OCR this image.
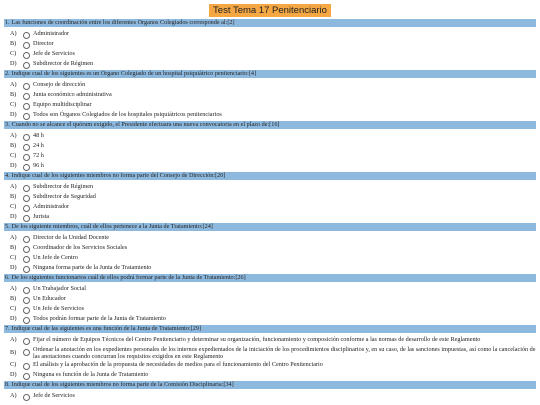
Test Tema 17 Penitenciario
1. Las funciones de coordinación entre los diferentes Órganos Colegiados corresponde al:[2]
A)	Administrador
B)	Director
C)	Jefe de Servicios
D)	Subdirector de Régimen
2. Indique cual de los siguientes es un Órgano Colegiado de un hospital psiquiátrico penitenciario:[4]
A)	Consejo de dirección
B)	Junta económico administrativa
C)	Equipo multidisciplinar
D)	Todos son Órganos Colegiados de los hospitales psiquiátricos penitenciarios
3. Cuando no se alcance el quórum exigido, el Presidente efectuara una nueva convocatoria en el plazo de:[16]
A)	48 h
B)	24 h
C)	72 h
D)	96 h
4. Indique cual de los siguientes miembros no forma parte del Consejo de Dirección:[20]
A)	Subdirector de Régimen
B)	Subdirector de Seguridad
C)	Administrador
D)	Jurista
5. De los siguiente miembros, cuál de ellos pertenece a la Junta de Tratamiento:[24]
A)	Director de la Unidad Docente
B)	Coordinador de los Servicios Sociales
C)	Un Jefe de Centro
D)	Ninguna forma parte de la Junta de Tratamiento
6. De los siguientes funcionarios cuál de ellos podrá formar parte de la Junta de Tratamiento:[26]
A)	Un Trabajador Social
B)	Un Educador
C)	Un Jefe de Servicios
D)	Todos podrán formar parte de la Junta de Tratamiento
7. Indique cual de las siguientes es una función de la Junta de Tratamiento:[29]
A)	Fijar el número de Equipos Técnicos del Centro Penitenciario y determinar su organización, funcionamiento y composición conforme a las normas de desarrollo de este Reglamento
B)	Ordenar la anotación en los expedientes personales de los internos expedientados de la iniciación de los procedimientos disciplinarios y, en su caso, de las sanciones impuestas, así como la cancelación de las anotaciones cuando concurran los requisitos exigidos en este Reglamento
C)	El análisis y la aprobación de la propuesta de necesidades de medios para el funcionamiento del Centro Penitenciario
D)	Ninguna es función de la Junta de Tratamiento
8. Indique cual de los siguientes miembros no forma parte de la Comisión Disciplinaria:[34]
A)	Jefe de Servicios
